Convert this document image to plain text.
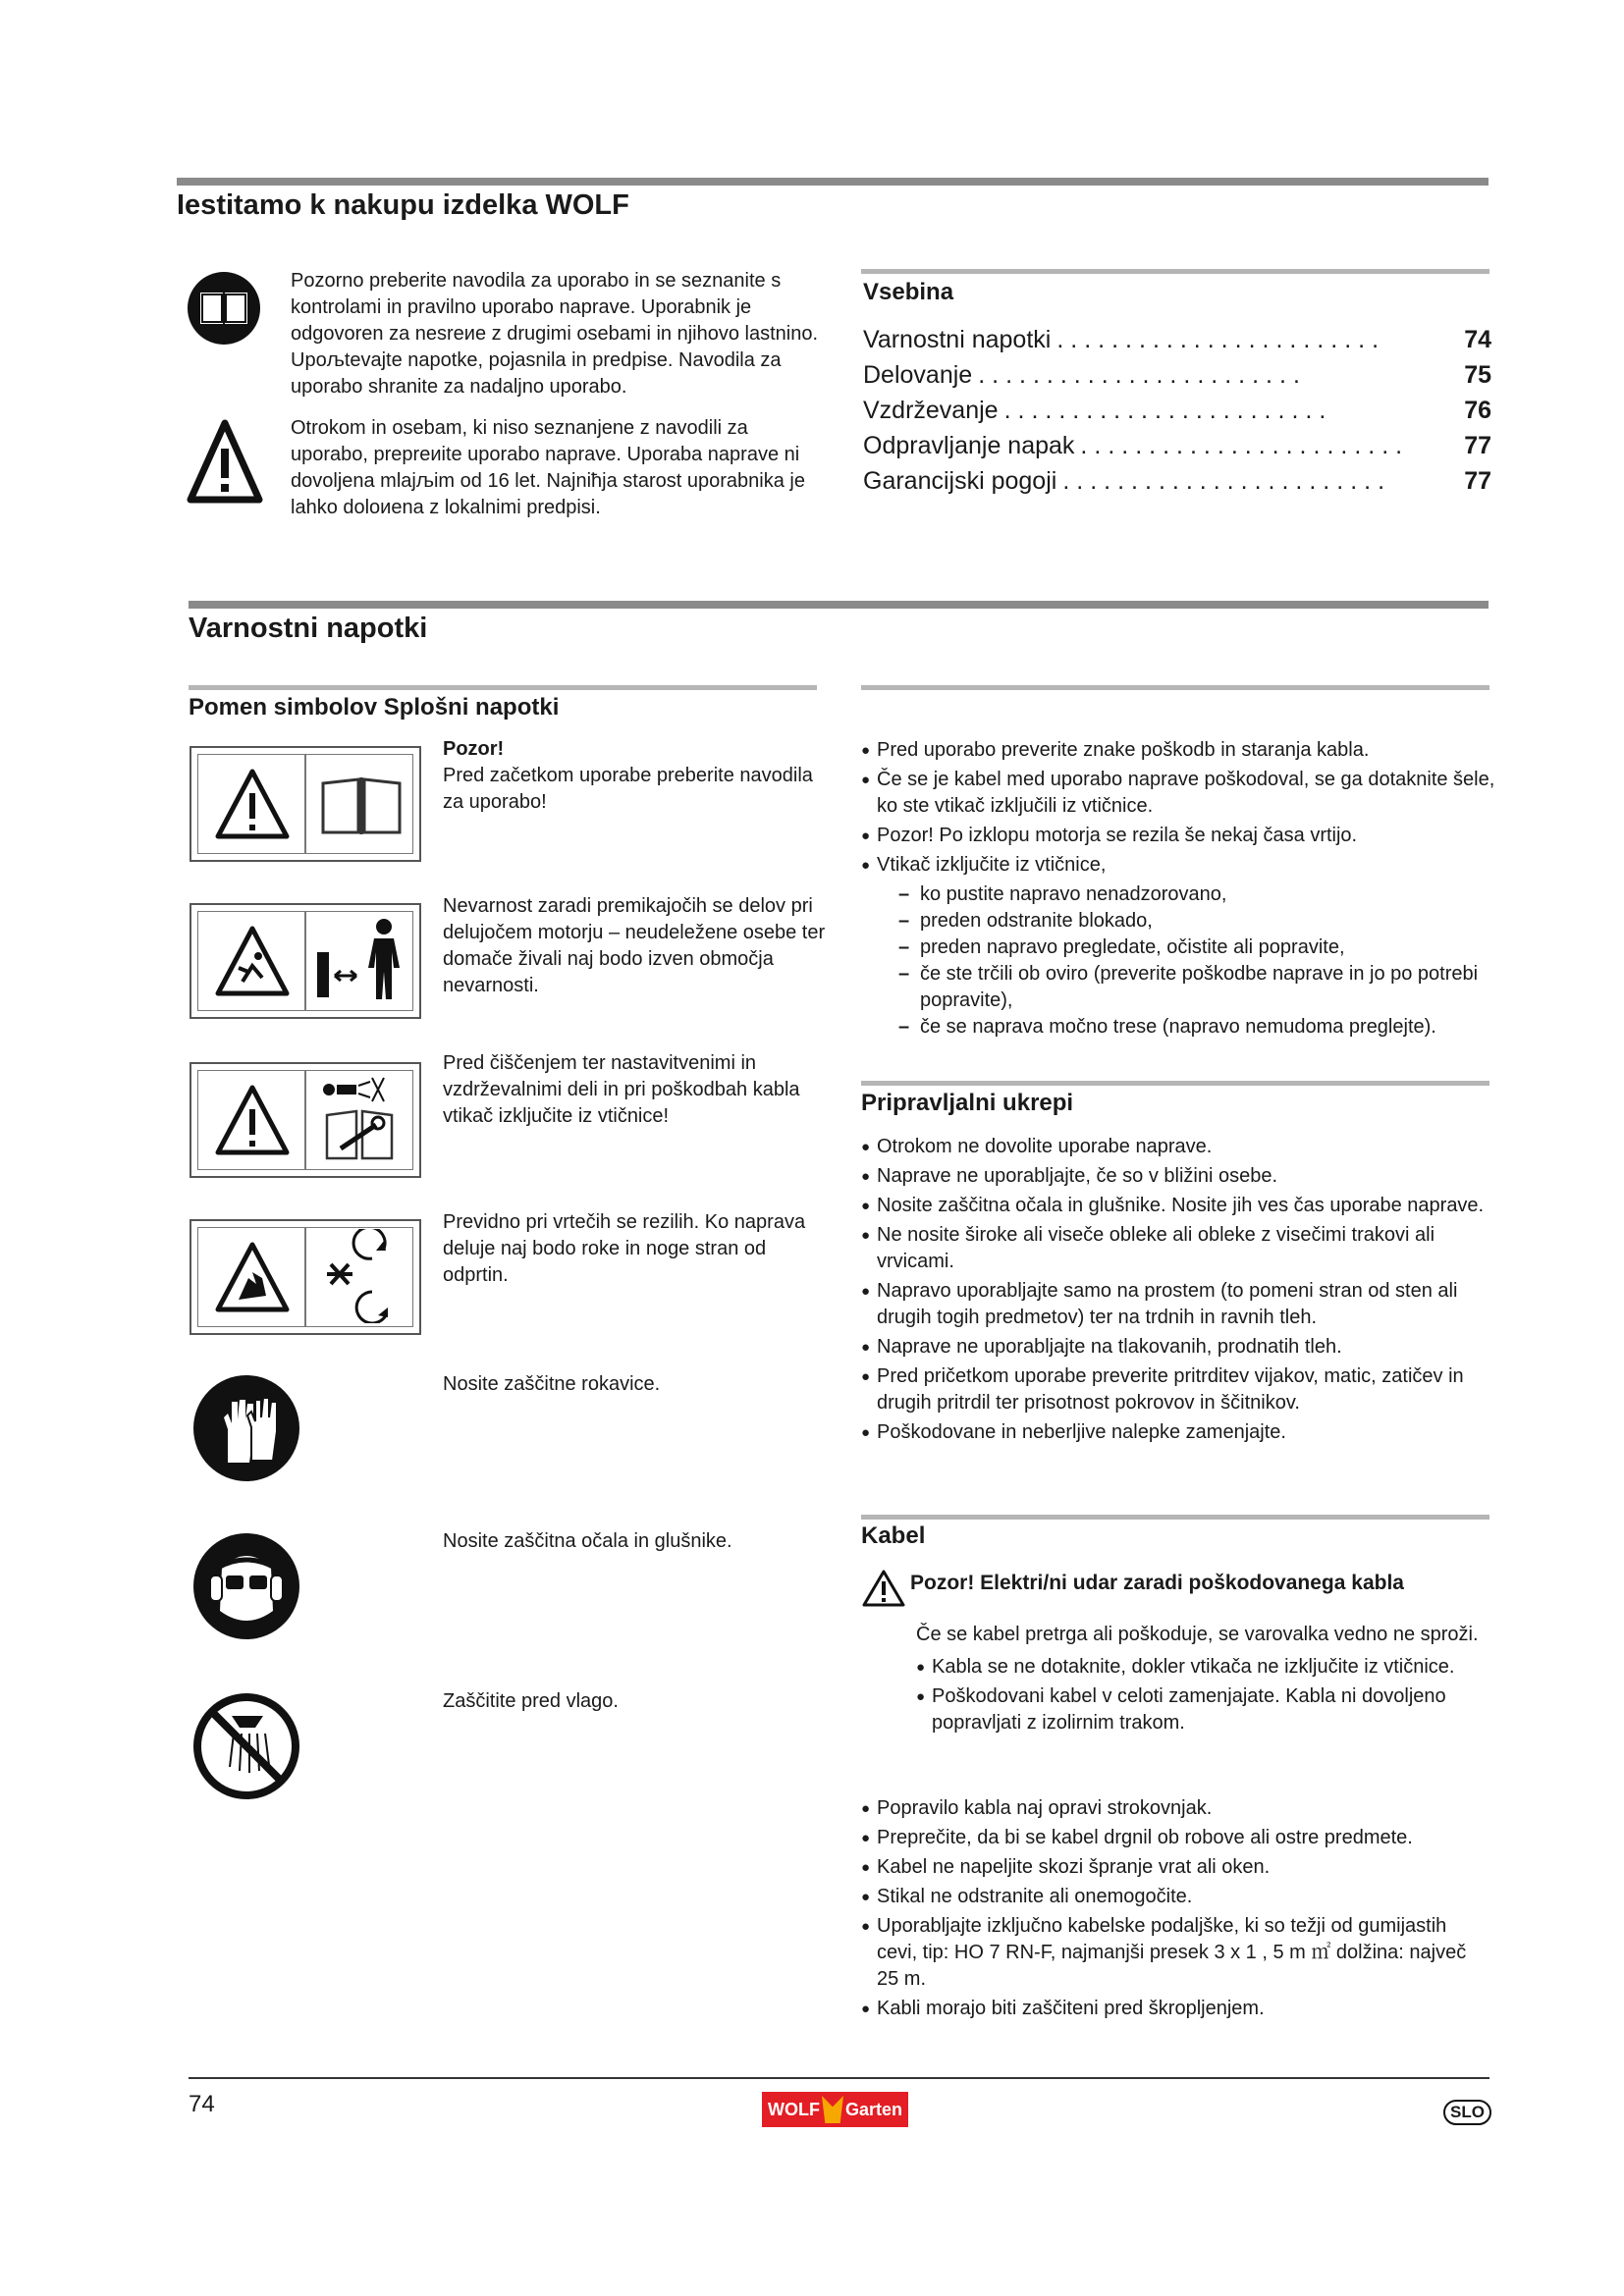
Iestitamo k nakupu izdelka WOLF

Pozorno preberite navodila za uporabo in se seznanite s kontrolami in pravilno uporabo naprave. Uporabnik je odgovoren za nesreиe z drugimi osebami in njihovo lastnino. Upoљtevajte napotke, pojasnila in predpise. Navodila za uporabo shranite za nadaljno uporabo.

Otrokom in osebam, ki niso seznanjene z navodili za uporabo, prepreиite uporabo naprave. Uporaba naprave ni dovoljena mlajљim od 16 let. Najniћja starost uporabnika je lahko doloиena z lokalnimi predpisi.

Vsebina
Varnostni napotki ........................	74
Delovanje ........................	75
Vzdrževanje ........................	76
Odpravljanje napak ........................	77
Garancijski pogoji ........................	77
Varnostni napotki
Pomen simbolov Splošni napotki
Pozor!
Pred začetkom uporabe preberite navodila za uporabo!
Nevarnost zaradi premikajočih se delov pri delujočem motorju – neudeležene osebe ter domače živali naj bodo izven območja nevarnosti.
Pred čiščenjem ter nastavitvenimi in vzdrževalnimi deli in pri poškodbah kabla vtikač izključite iz vtičnice!
Previdno pri vrtečih se rezilih. Ko naprava deluje naj bodo roke in noge stran od odprtin.
Nosite zaščitne rokavice.
Nosite zaščitna očala in glušnike.
Zaščitite pred vlago.
● Pred uporabo preverite znake poškodb in staranja kabla.
● Če se je kabel med uporabo naprave poškodoval, se ga dotaknite šele, ko ste vtikač izključili iz vtičnice.
● Pozor! Po izklopu motorja se rezila še nekaj časa vrtijo.
● Vtikač izključite iz vtičnice,
– ko pustite napravo nenadzorovano,
– preden odstranite blokado,
– preden napravo pregledate, očistite ali popravite,
– če ste trčili ob oviro (preverite poškodbe naprave in jo po potrebi popravite),
– če se naprava močno trese (napravo nemudoma preglejte).
Pripravljalni ukrepi
● Otrokom ne dovolite uporabe naprave.
● Naprave ne uporabljajte, če so v bližini osebe.
● Nosite zaščitna očala in glušnike. Nosite jih ves čas uporabe naprave.
● Ne nosite široke ali viseče obleke ali obleke z visečimi trakovi ali vrvicami.
● Napravo uporabljajte samo na prostem (to pomeni stran od sten ali drugih togih predmetov) ter na trdnih in ravnih tleh.
● Naprave ne uporabljajte na tlakovanih, prodnatih tleh.
● Pred pričetkom uporabe preverite pritrditev vijakov, matic, zatičev in drugih pritrdil ter prisotnost pokrovov in ščitnikov.
● Poškodovane in neberljive nalepke zamenjajte.
Kabel
Pozor! Elektri/ni udar zaradi poškodovanega kabla

Če se kabel pretrga ali poškoduje, se varovalka vedno ne sproži.

● Kabla se ne dotaknite, dokler vtikača ne izključite iz vtičnice.
● Poškodovani kabel v celoti zamenjajate. Kabla ni dovoljeno popravljati z izolirnim trakom.
● Popravilo kabla naj opravi strokovnjak.
● Preprečite, da bi se kabel drgnil ob robove ali ostre predmete.
● Kabel ne napeljite skozi špranje vrat ali oken.
● Stikal ne odstranite ali onemogočite.
● Uporabljajte izključno kabelske podaljške, ki so težji od gumijastih cevi, tip: HO 7 RN-F, najmanjši presek 3 x 1 , 5 m ㎡ dolžina: največ 25 m.
● Kabli morajo biti zaščiteni pred škropljenjem.
74	WOLF Garten	SLO
